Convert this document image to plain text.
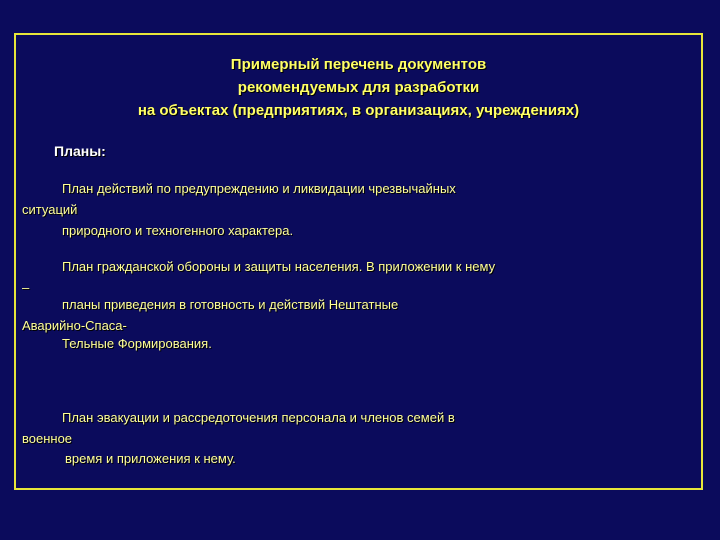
Примерный перечень документов
рекомендуемых для разработки
на объектах (предприятиях, в организациях, учреждениях)
Планы:
План действий по предупреждению и ликвидации чрезвычайных
ситуаций
природного и техногенного характера.
План гражданской обороны и защиты населения. В приложении к нему
–
планы приведения в готовность и действий Нештатные
Аварийно-Спаса-
Тельные Формирования.
План эвакуации и рассредоточения персонала и членов семей в
военное
время и приложения к нему.
